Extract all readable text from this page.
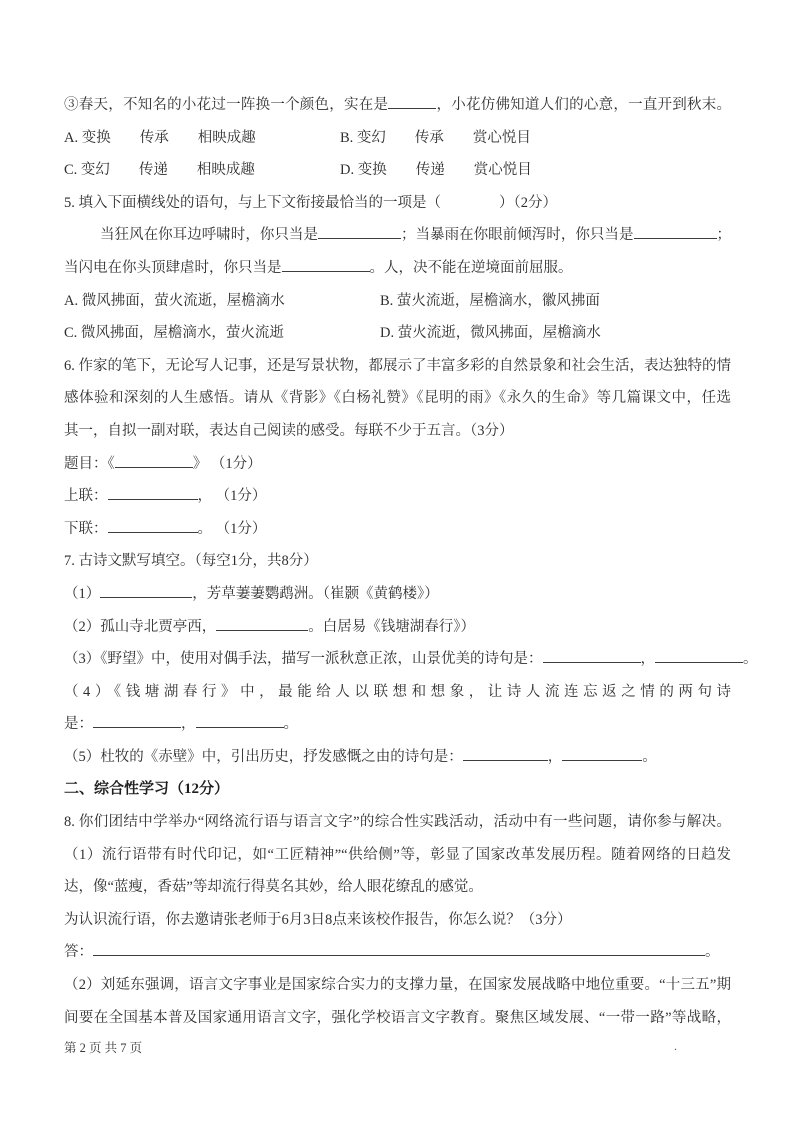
③春天，不知名的小花过一阵换一个颜色，实在是	，小花仿佛知道人们的心意，一直开到秋末。
A. 变换　　传承　　相映成趣	B. 变幻　　传承　　赏心悦目
C. 变幻　　传递　　相映成趣	D. 变换　　传递　　赏心悦目
5. 填入下面横线处的语句，与上下文衔接最恰当的一项是（　　　　）（2分）
当狂风在你耳边呼啸时，你只当是	；当暴雨在你眼前倾泻时，你只当是	；
当闪电在你头顶肆虐时，你只当是	。人，决不能在逆境面前屈服。
A. 微风拂面，萤火流逝，屋檐滴水	B. 萤火流逝，屋檐滴水，徽风拂面
C. 微风拂面，屋檐滴水，萤火流逝	D. 萤火流逝，微风拂面，屋檐滴水
6. 作家的笔下，无论写人记事，还是写景状物，都展示了丰富多彩的自然景象和社会生活，表达独特的情
感体验和深刻的人生感悟。请从《背影》《白杨礼赞》《昆明的雨》《永久的生命》等几篇课文中，任选
其一，自拟一副对联，表达自己阅读的感受。每联不少于五言。（3分）
题目：《	》 （1分）
上联：	， （1分）
下联：	。 （1分）
7. 古诗文默写填空。（每空1分，共8分）
（1）	，芳草萋萋鹦鹉洲。（崔颢《黄鹤楼》）
（2）孤山寺北贾亭西，	。白居易《钱塘湖春行》）
（3）《野望》中，使用对偶手法，描写一派秋意正浓，山景优美的诗句是：	，	。
（4）《钱塘湖春行》中，最能给人以联想和想象，让诗人流连忘返之情的两句诗
是：	，	。
（5）杜牧的《赤壁》中，引出历史，抒发感慨之由的诗句是：	，	。
二、综合性学习（12分）
8. 你们团结中学举办“网络流行语与语言文字”的综合性实践活动，活动中有一些问题，请你参与解决。
（1）流行语带有时代印记，如“工匠精神”“供给侧”等，彰显了国家改革发展历程。随着网络的日趋发
达，像“蓝瘦，香菇”等却流行得莫名其妙，给人眼花缭乱的感觉。
为认识流行语，你去邀请张老师于6月3日8点来该校作报告，你怎么说？（3分）
答：	。
（2）刘延东强调，语言文字事业是国家综合实力的支撑力量，在国家发展战略中地位重要。“十三五”期
间要在全国基本普及国家通用语言文字，强化学校语言文字教育。聚焦区域发展、“一带一路”等战略，
第 2 页 共 7 页	.
